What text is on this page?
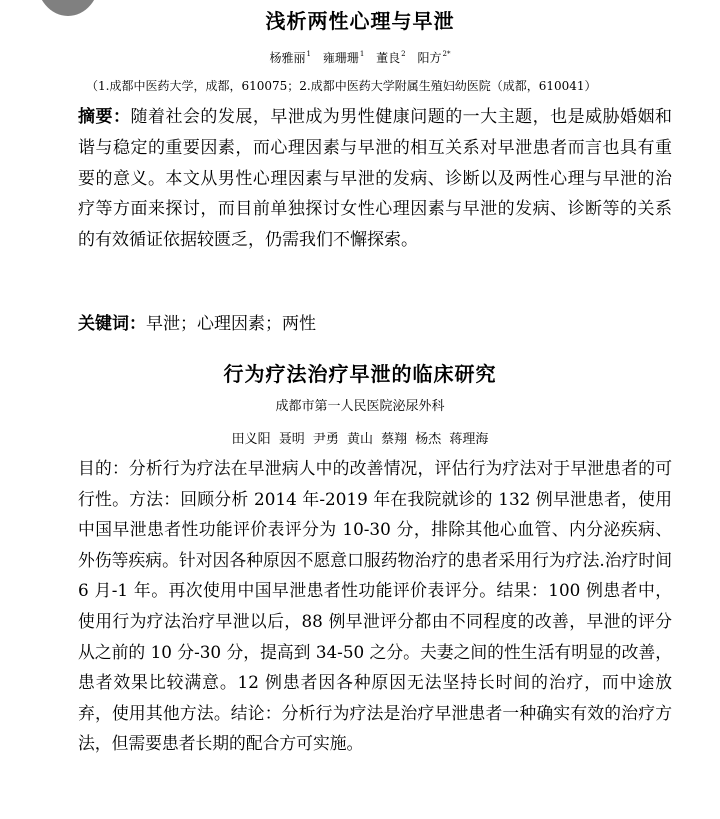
浅析两性心理与早泄
杨雅丽$^1$ 雍珊珊$^1$ 董良$^2$ 阳方$^{2*}$
（1.成都中医药大学，成都，610075；2.成都中医药大学附属生殖妇幼医院（成都，610041）
摘要：随着社会的发展，早泄成为男性健康问题的一大主题，也是威胁婚姻和谐与稳定的重要因素，而心理因素与早泄的相互关系对早泄患者而言也具有重要的意义。本文从男性心理因素与早泄的发病、诊断以及两性心理与早泄的治疗等方面来探讨，而目前单独探讨女性心理因素与早泄的发病、诊断等的关系的有效循证依据较匮乏，仍需我们不懈探索。
关键词：早泄；心理因素；两性
行为疗法治疗早泄的临床研究
成都市第一人民医院泌尿外科
田义阳 聂明 尹勇 黄山 蔡翔 杨杰 蒋理海
目的：分析行为疗法在早泄病人中的改善情况，评估行为疗法对于早泄患者的可行性。方法：回顾分析 2014 年-2019 年在我院就诊的 132 例早泄患者，使用中国早泄患者性功能评价表评分为 10-30 分，排除其他心血管、内分泌疾病、外伤等疾病。针对因各种原因不愿意口服药物治疗的患者采用行为疗法.治疗时间 6 月-1 年。再次使用中国早泄患者性功能评价表评分。结果：100 例患者中，使用行为疗法治疗早泄以后，88 例早泄评分都由不同程度的改善，早泄的评分从之前的 10 分-30 分，提高到 34-50 之分。夫妻之间的性生活有明显的改善，患者效果比较满意。12 例患者因各种原因无法坚持长时间的治疗，而中途放弃，使用其他方法。结论：分析行为疗法是治疗早泄患者一种确实有效的治疗方法，但需要患者长期的配合方可实施。
